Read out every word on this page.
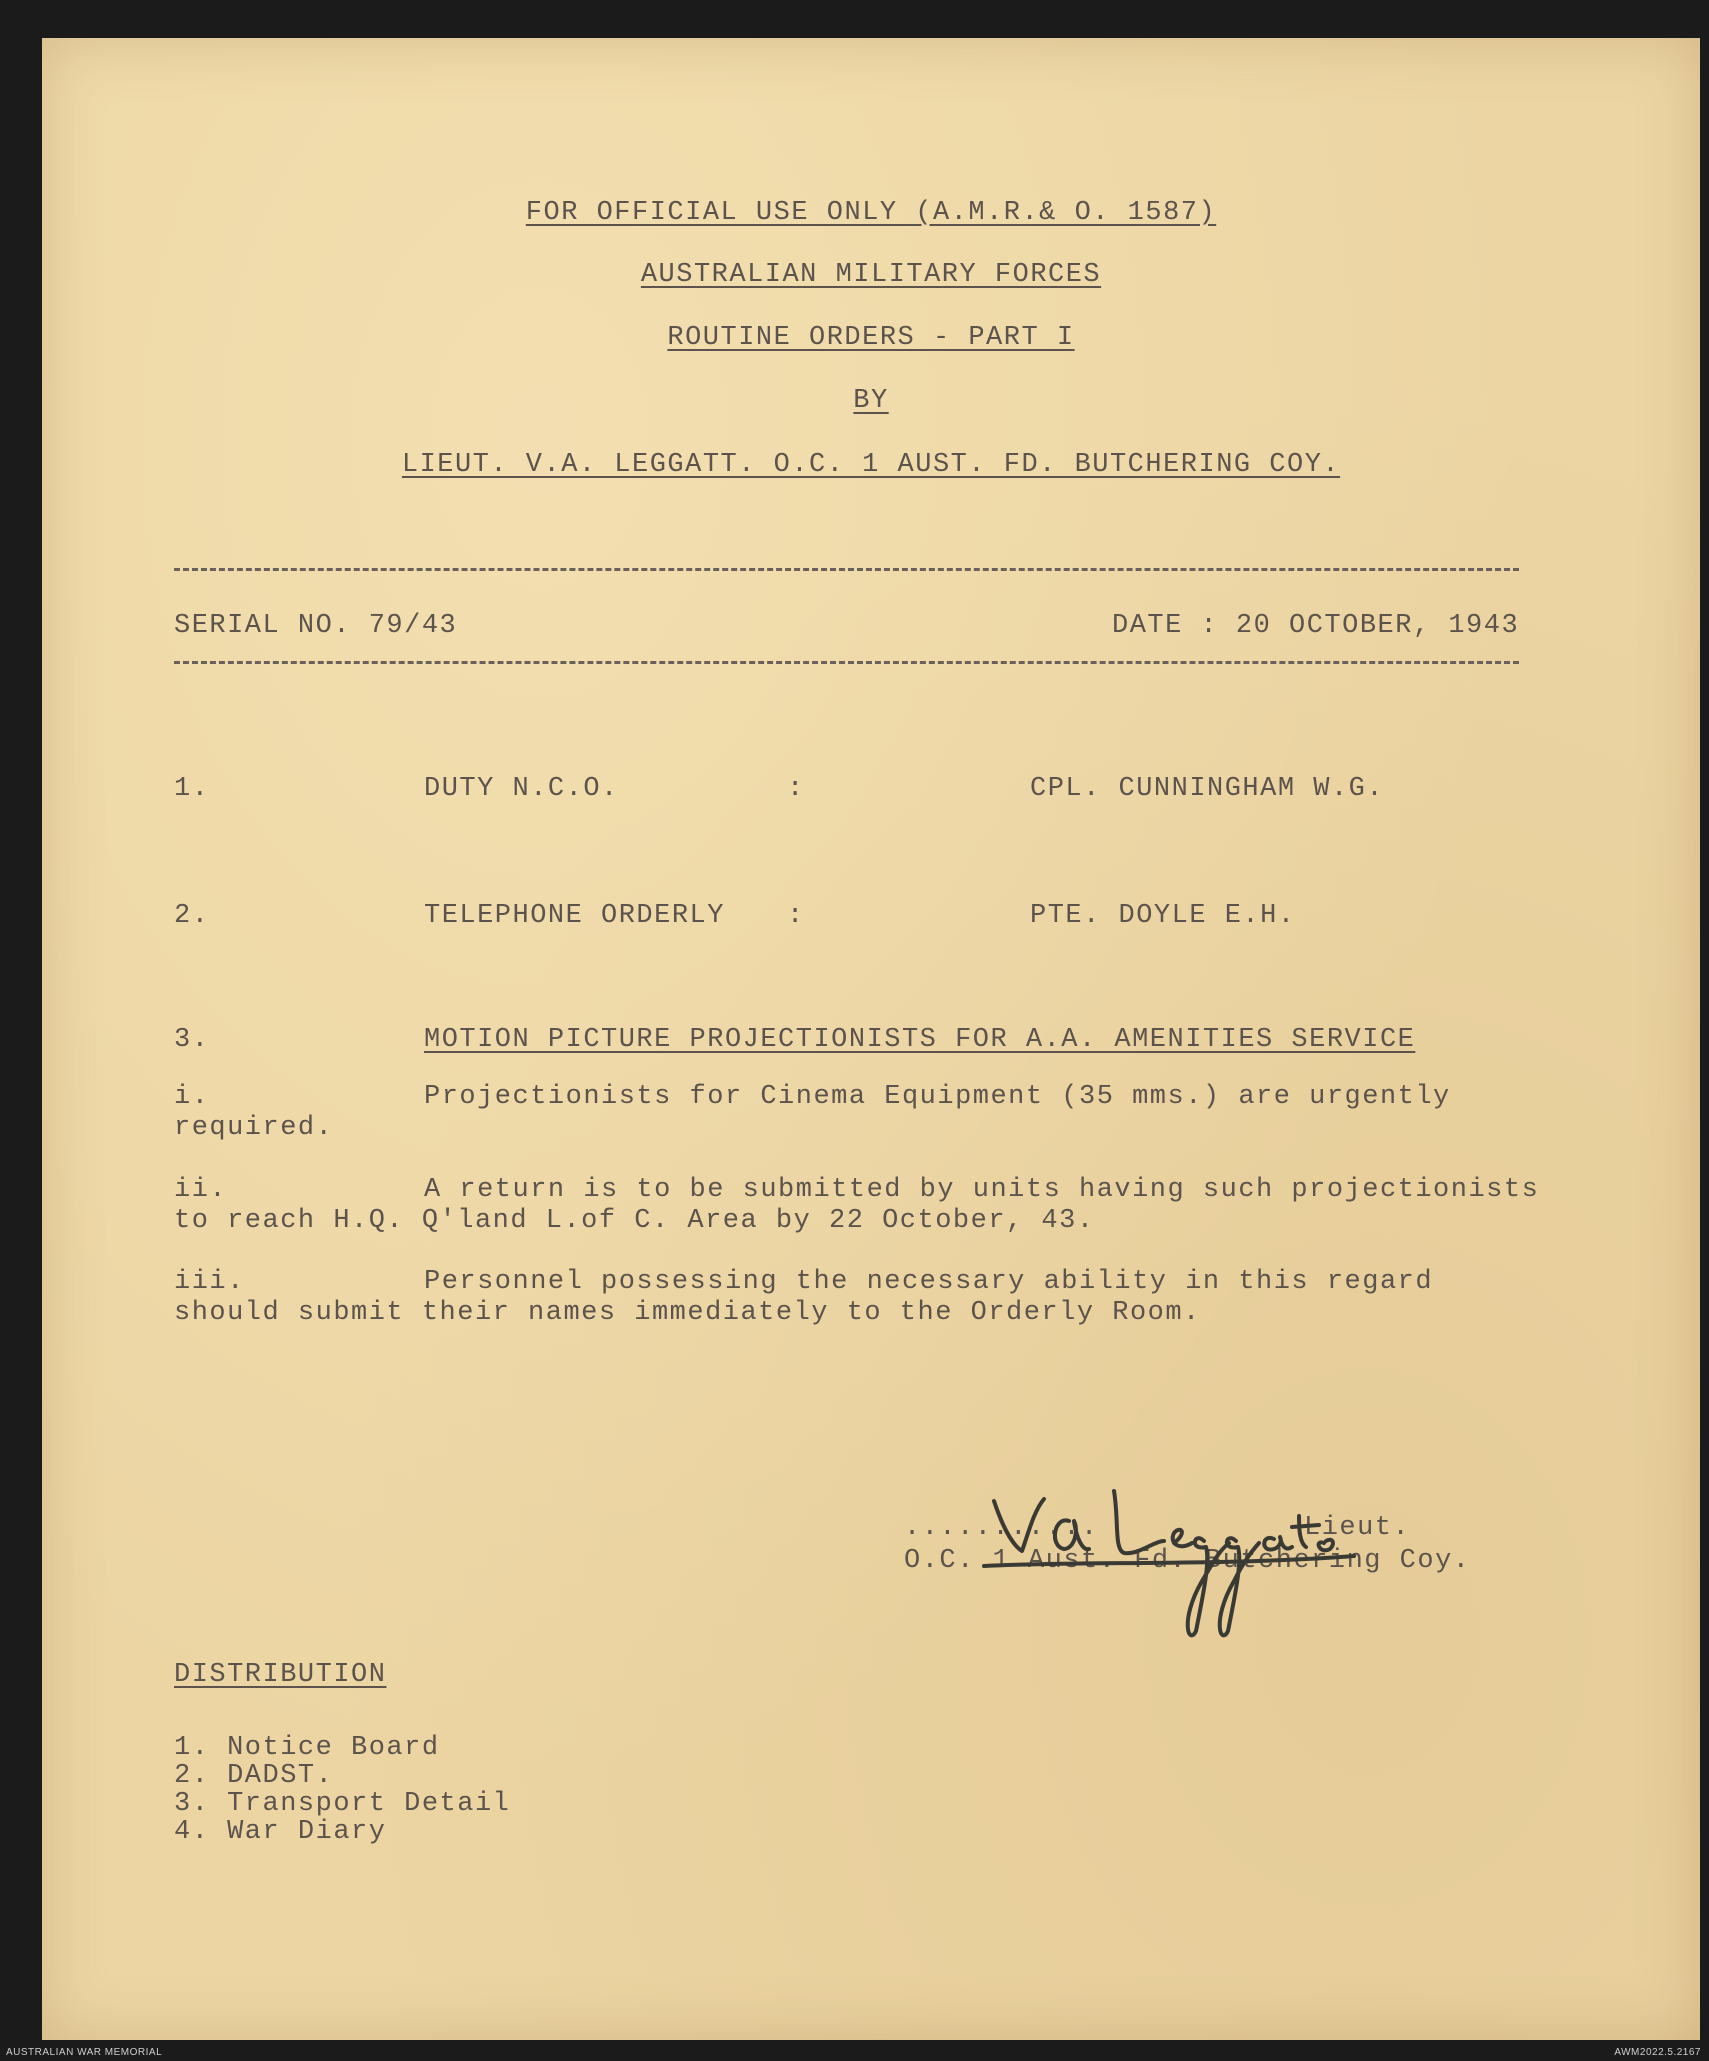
FOR OFFICIAL USE ONLY (A.M.R.& O. 1587)
AUSTRALIAN MILITARY FORCES
ROUTINE ORDERS - PART I
BY
LIEUT. V.A. LEGGATT. O.C. 1 AUST. FD. BUTCHERING COY.
SERIAL NO. 79/43	DATE : 20 OCTOBER, 1943
1.	DUTY N.C.O.	:	CPL. CUNNINGHAM W.G.
2.	TELEPHONE ORDERLY :	PTE. DOYLE E.H.
3.	MOTION PICTURE PROJECTIONISTS FOR A.A. AMENITIES SERVICE
i.	Projectionists for Cinema Equipment (35 mms.) are urgently
required.
ii.	A return is to be submitted by units having such projectionists
to reach H.Q. Q'land L.of C. Area by 22 October, 43.
iii.	Personnel possessing the necessary ability in this regard
should submit their names immediately to the Orderly Room.
...........	Lieut.
O.C. 1 Aust. Fd. Butchering Coy.
DISTRIBUTION
1. Notice Board
2. DADST.
3. Transport Detail
4. War Diary
AUSTRALIAN WAR MEMORIAL	AWM2022.5.2167
